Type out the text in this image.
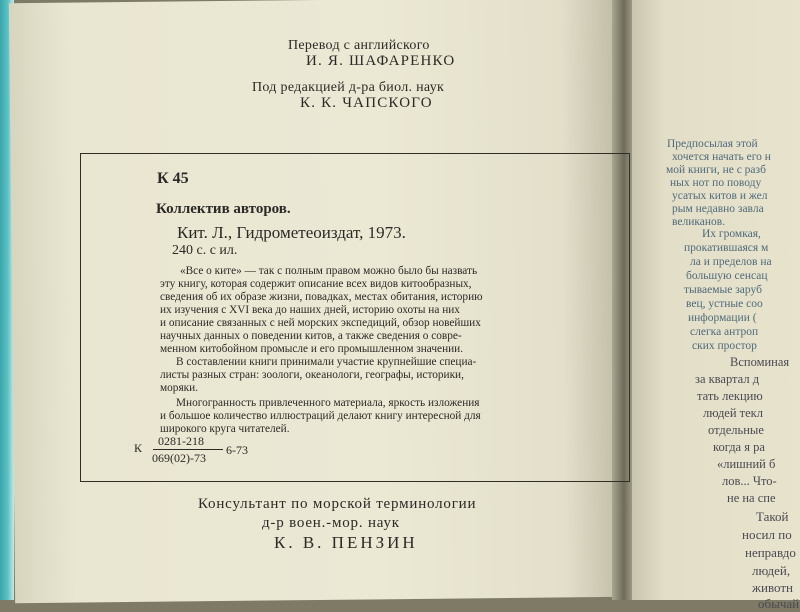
Перевод с английского
И. Я. ШАФАРЕНКО
Под редакцией д-ра биол. наук
К. К. ЧАПСКОГО
К 45
Коллектив авторов.
Кит. Л., Гидрометеоиздат, 1973.
240 с. с ил.
«Все о ките» — так с полным правом можно было бы назвать
эту книгу, которая содержит описание всех видов китообразных,
сведения об их образе жизни, повадках, местах обитания, историю
их изучения с XVI века до наших дней, историю охоты на них
и описание связанных с ней морских экспедиций, обзор новейших
научных данных о поведении китов, а также сведения о совре-
менном китобойном промысле и его промышленном значении.
В составлении книги принимали участие крупнейшие специа-
листы разных стран: зоологи, океанологи, географы, историки,
моряки.
Многогранность привлеченного материала, яркость изложения
и большое количество иллюстраций делают книгу интересной для
широкого круга читателей.
К 0281-218
069(02)-73
6-73
Консультант по морской терминологии
д-р воен.-мор. наук
К. В. ПЕНЗИН
Предпосылая этой
хочется начать его н
мой книги, не с разб
ных нот по поводу
усатых китов и жел
рым недавно завла
великанов.
Их громкая,
прокатившаяся м
ла и пределов на
большую сенсац
тываемые заруб
вец, устные соо
информации (
слегка антроп
ских простор
Вспоминая
за квартал д
тать лекцию
людей текл
отдельные
когда я ра
«лишний б
лов... Что-
не на спе
Такой
носил по
неправдо
людей,
животн
обычай
